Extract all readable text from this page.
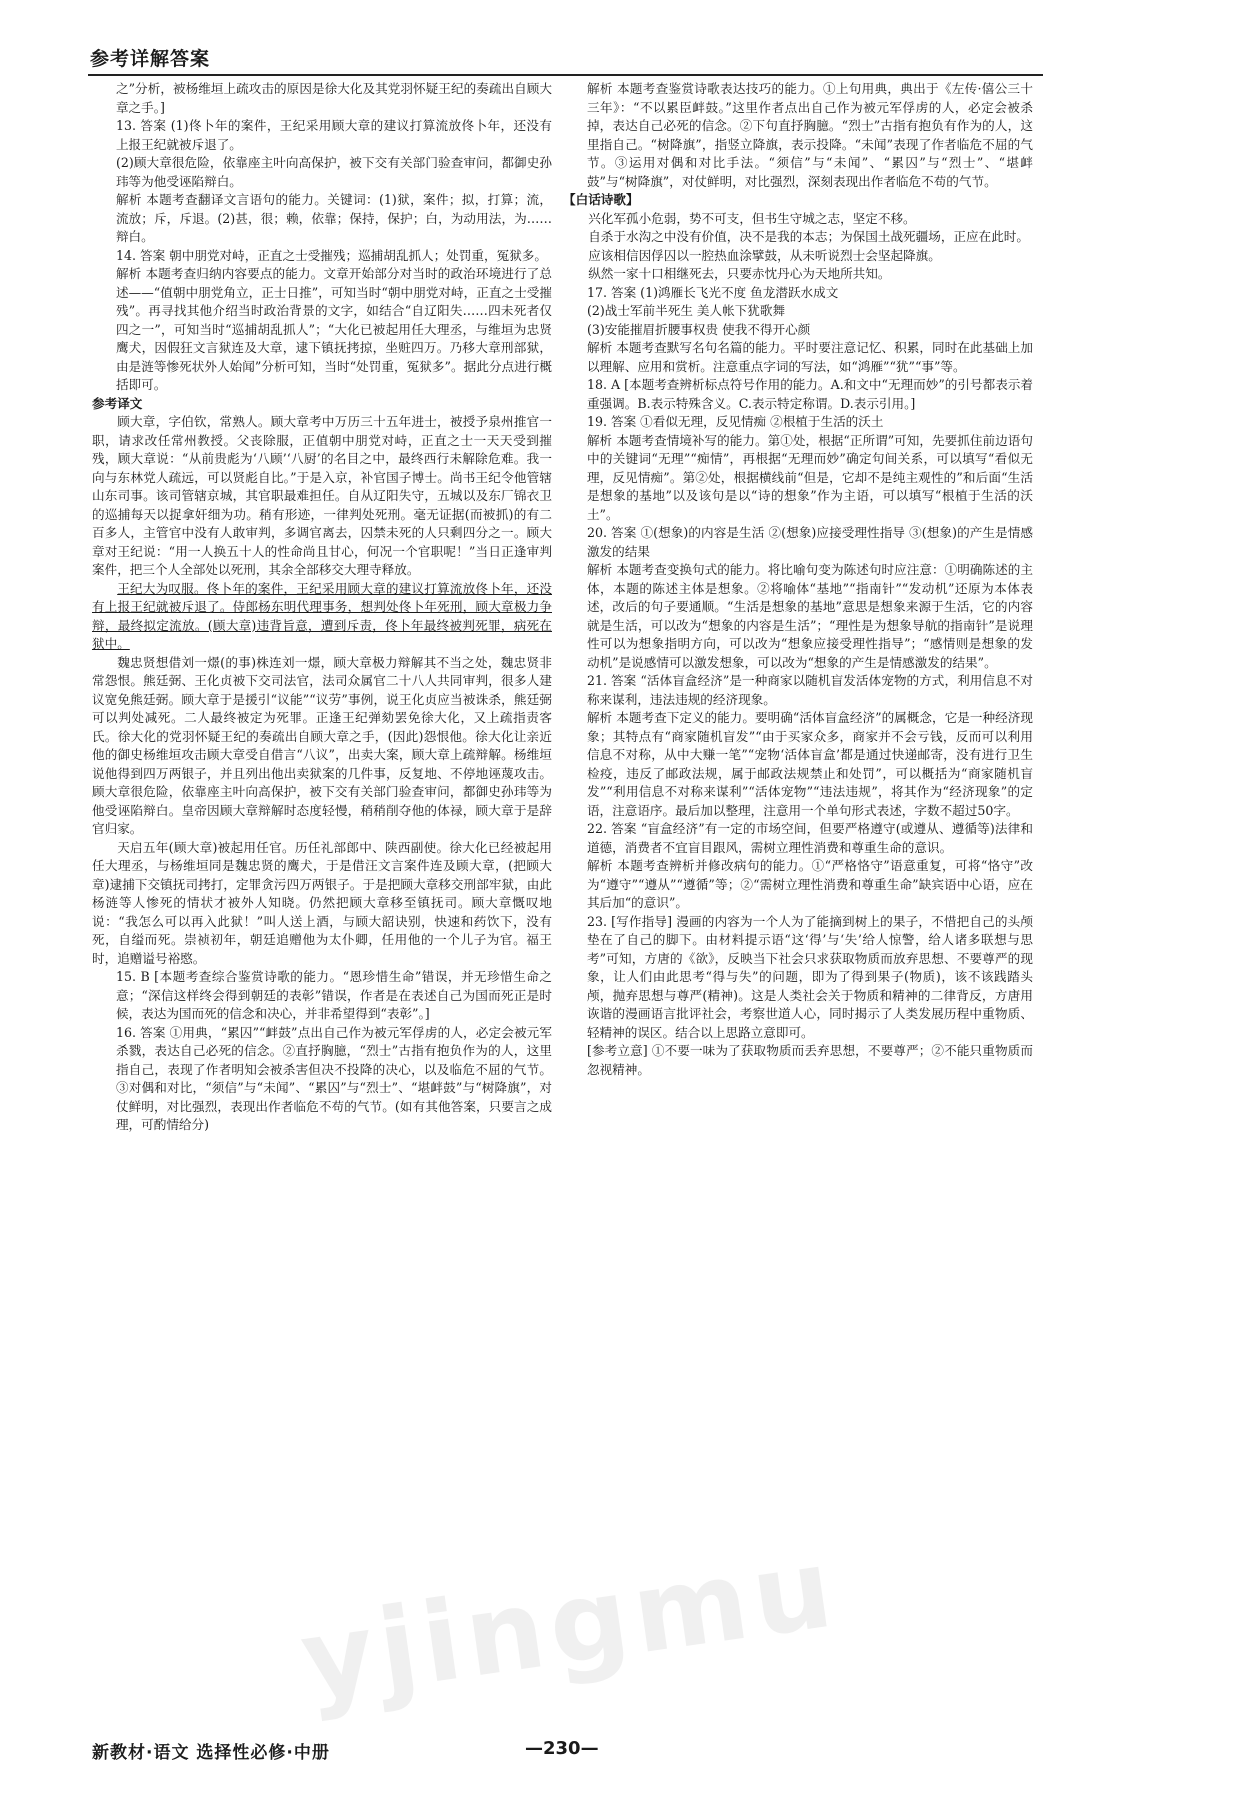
参考详解答案

之”分析，被杨维垣上疏攻击的原因是徐大化及其党羽怀疑王纪的奏疏出自顾大章之手。]

13. 答案 (1)佟卜年的案件，王纪采用顾大章的建议打算流放佟卜年，还没有上报王纪就被斥退了。

(2)顾大章很危险，依靠座主叶向高保护，被下交有关部门验查审问，都御史孙玮等为他受诬陷辩白。

解析 本题考查翻译文言语句的能力。关键词：(1)狱，案件；拟，打算；流，流放；斥，斥退。(2)甚，很；赖，依靠；保持，保护；白，为动用法，为……辩白。

14. 答案 朝中朋党对峙，正直之士受摧残；巡捕胡乱抓人；处罚重，冤狱多。

解析 本题考查归纳内容要点的能力。文章开始部分对当时的政治环境进行了总述——“值朝中朋党角立，正士日推”，可知当时“朝中朋党对峙，正直之士受摧残”。再寻找其他介绍当时政治背景的文字，如结合“自辽阳失……四未死者仅四之一”，可知当时“巡捕胡乱抓人”；“大化已被起用任大理丞，与维垣为忠贤鹰犬，因假狂文言狱连及大章，逮下镇抚拷掠，坐赃四万。乃移大章刑部狱，由是涟等惨死状外人始闻”分析可知，当时“处罚重，冤狱多”。据此分点进行概括即可。

参考译文

顾大章，字伯钦，常熟人。顾大章考中万历三十五年进士，被授予泉州推官一职，请求改任常州教授。父丧除服，正值朝中朋党对峙，正直之士一天天受到摧残，顾大章说：“从前贵彪为‘八顾’‘八厨’的名目之中，最终西行未解除危难。我一向与东林党人疏远，可以贤彪自比。”于是入京，补官国子博士。尚书王纪令他管辖山东司事。该司管辖京城，其官职最难担任。自从辽阳失守，五城以及东厂锦衣卫的巡捕每天以捉拿奸细为功。稍有形迹，一律判处死刑。毫无证据(而被抓)的有二百多人，主管官中没有人敢审判，多调官离去，囚禁未死的人只剩四分之一。顾大章对王纪说：“用一人换五十人的性命尚且甘心，何况一个官职呢！”当日正逢审判案件，把三个人全部处以死刑，其余全部移交大理寺释放。

王纪大为叹服。佟卜年的案件，王纪采用顾大章的建议打算流放佟卜年，还没有上报王纪就被斥退了。侍郎杨东明代理事务，想判处佟卜年死刑，顾大章极力争辩，最终拟定流放。(顾大章)违背旨意，遭到斥责，佟卜年最终被判死罪，病死在狱中。

魏忠贤想借刘一燝(的事)株连刘一燝，顾大章极力辩解其不当之处，魏忠贤非常怨恨。熊廷弼、王化贞被下交司法官，法司众属官二十八人共同审判，很多人建议宽免熊廷弼。顾大章于是援引“议能”“议劳”事例，说王化贞应当被诛杀，熊廷弼可以判处减死。二人最终被定为死罪。正逢王纪弹劾罢免徐大化，又上疏指责客氏。徐大化的党羽怀疑王纪的奏疏出自顾大章之手，(因此)怨恨他。徐大化让亲近他的御史杨维垣攻击顾大章受自借言“八议”，出卖大案，顾大章上疏辩解。杨维垣说他得到四万两银子，并且列出他出卖狱案的几件事，反复地、不停地诬蔑攻击。顾大章很危险，依靠座主叶向高保护，被下交有关部门验查审问，都御史孙玮等为他受诬陷辩白。皇帝因顾大章辩解时态度轻慢，稍稍削夺他的体禄，顾大章于是辞官归家。

天启五年(顾大章)被起用任官。历任礼部郎中、陕西副使。徐大化已经被起用任大理丞，与杨维垣同是魏忠贤的鹰犬，于是借汪文言案件连及顾大章，(把顾大章)逮捕下交镇抚司拷打，定罪贪污四万两银子。于是把顾大章移交刑部牢狱，由此杨涟等人惨死的情状才被外人知晓。仍然把顾大章移至镇抚司。顾大章慨叹地说：“我怎么可以再入此狱！”叫人送上酒，与顾大韶诀别，快速和药饮下，没有死，自缢而死。崇祯初年，朝廷追赠他为太仆卿，任用他的一个儿子为官。福王时，追赠谥号裕愍。

15. B [本题考查综合鉴赏诗歌的能力。“恩珍惜生命”错误，并无珍惜生命之意；“深信这样终会得到朝廷的表彰”错误，作者是在表述自己为国而死正是时候，表达为国而死的信念和决心，并非希望得到“表彰”。]

16. 答案 ①用典，“累囚”“衅鼓”点出自己作为被元军俘虏的人，必定会被元军杀戮，表达自己必死的信念。②直抒胸臆，“烈士”古指有抱负作为的人，这里指自己，表现了作者明知会被杀害但决不投降的决心，以及临危不屈的气节。③对偶和对比，“须信”与“未闻”、“累囚”与“烈士”、“堪衅鼓”与“树降旗”，对仗鲜明，对比强烈，表现出作者临危不苟的气节。(如有其他答案，只要言之成理，可酌情给分)

解析 本题考查鉴赏诗歌表达技巧的能力。①上句用典，典出于《左传·僖公三十三年》：“不以累臣衅鼓。”这里作者点出自己作为被元军俘虏的人，必定会被杀掉，表达自己必死的信念。②下句直抒胸臆。“烈士”古指有抱负有作为的人，这里指自己。“树降旗”，指竖立降旗，表示投降。“未闻”表现了作者临危不屈的气节。③运用对偶和对比手法。“须信”与“未闻”、“累囚”与“烈士”、“堪衅鼓”与“树降旗”，对仗鲜明，对比强烈，深刻表现出作者临危不苟的气节。

【白话诗歌】

兴化军孤小危弱，势不可支，但书生守城之志，坚定不移。

自杀于水沟之中没有价值，决不是我的本志；为保国土战死疆场，正应在此时。

应该相信因俘囚以一腔热血涂擘鼓，从未听说烈士会坚起降旗。

纵然一家十口相继死去，只要赤忱丹心为天地所共知。

17. 答案 (1)鸿雁长飞光不度 鱼龙潜跃水成文

(2)战士军前半死生 美人帐下犹歌舞

(3)安能摧眉折腰事权贵 使我不得开心颜

解析 本题考查默写名句名篇的能力。平时要注意记忆、积累，同时在此基础上加以理解、应用和赏析。注意重点字词的写法，如“鸿雁”“犹”“事”等。

18. A [本题考查辨析标点符号作用的能力。A.和文中“无理而妙”的引号都表示着重强调。B.表示特殊含义。C.表示特定称谓。D.表示引用。]

19. 答案 ①看似无理，反见情痴 ②根植于生活的沃土

解析 本题考查情境补写的能力。第①处，根据“正所谓”可知，先要抓住前边语句中的关键词“无理”“痴情”，再根据“无理而妙”确定句间关系，可以填写“看似无理，反见情痴”。第②处，根据横线前“但是，它却不是纯主观性的”和后面“生活是想象的基地”以及该句是以“诗的想象”作为主语，可以填写“根植于生活的沃土”。

20. 答案 ①(想象)的内容是生活 ②(想象)应接受理性指导 ③(想象)的产生是情感激发的结果

解析 本题考查变换句式的能力。将比喻句变为陈述句时应注意：①明确陈述的主体，本题的陈述主体是想象。②将喻体“基地”“指南针”“发动机”还原为本体表述，改后的句子要通顺。“生活是想象的基地”意思是想象来源于生活，它的内容就是生活，可以改为“想象的内容是生活”；“理性是为想象导航的指南针”是说理性可以为想象指明方向，可以改为“想象应接受理性指导”；“感情则是想象的发动机”是说感情可以激发想象，可以改为“想象的产生是情感激发的结果”。

21. 答案 “活体盲盒经济”是一种商家以随机盲发活体宠物的方式，利用信息不对称来谋利，违法违规的经济现象。

解析 本题考查下定义的能力。要明确“活体盲盒经济”的属概念，它是一种经济现象；其特点有“商家随机盲发”“由于买家众多，商家并不会亏钱，反而可以利用信息不对称，从中大赚一笔”“宠物‘活体盲盒’都是通过快递邮寄，没有进行卫生检疫，违反了邮政法规，属于邮政法规禁止和处罚”，可以概括为“商家随机盲发”“利用信息不对称来谋利”“活体宠物”“违法违规”，将其作为“经济现象”的定语，注意语序。最后加以整理，注意用一个单句形式表述，字数不超过50字。

22. 答案 “盲盒经济”有一定的市场空间，但要严格遵守(或遵从、遵循等)法律和道德，消费者不宜盲目跟风，需树立理性消费和尊重生命的意识。

解析 本题考查辨析并修改病句的能力。①“严格恪守”语意重复，可将“恪守”改为“遵守”“遵从”“遵循”等；②“需树立理性消费和尊重生命”缺宾语中心语，应在其后加“的意识”。

23. [写作指导] 漫画的内容为一个人为了能摘到树上的果子，不惜把自己的头颅垫在了自己的脚下。由材料提示语“这‘得’与‘失’给人惊警，给人诸多联想与思考”可知，方唐的《欲》，反映当下社会只求获取物质而放弃思想、不要尊严的现象，让人们由此思考“得与失”的问题，即为了得到果子(物质)，该不该践踏头颅，抛弃思想与尊严(精神)。这是人类社会关于物质和精神的二律背反，方唐用诙谐的漫画语言批评社会，考察世道人心，同时揭示了人类发展历程中重物质、轻精神的误区。结合以上思路立意即可。

[参考立意] ①不要一味为了获取物质而丢弃思想，不要尊严；②不能只重物质而忽视精神。

yjingmu
新教材·语文 选择性必修·中册	—230—
